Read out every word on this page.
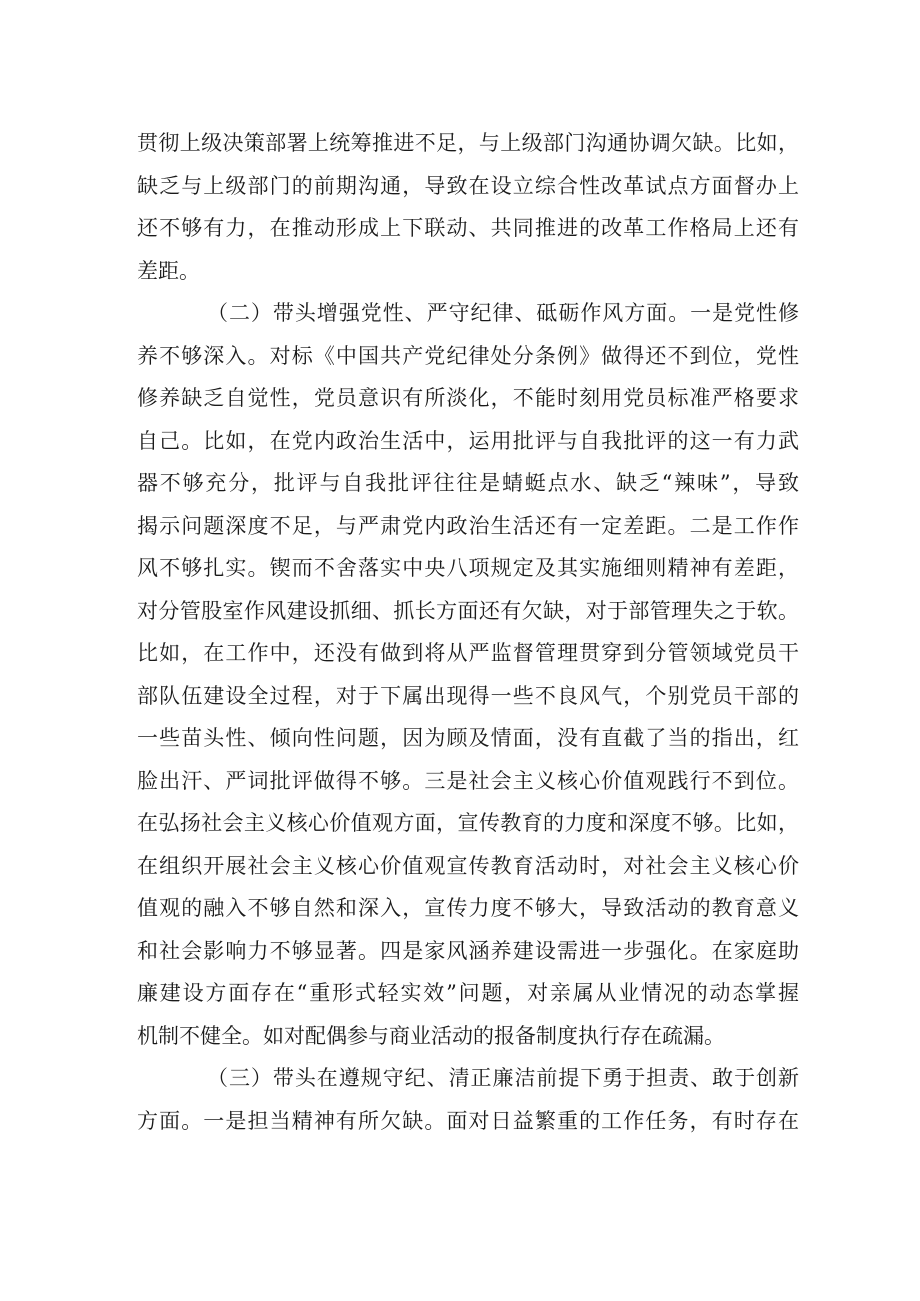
贯彻上级决策部署上统筹推进不足，与上级部门沟通协调欠缺。比如，
缺乏与上级部门的前期沟通，导致在设立综合性改革试点方面督办上
还不够有力，在推动形成上下联动、共同推进的改革工作格局上还有
差距。
（二）带头增强党性、严守纪律、砥砺作风方面。一是党性修
养不够深入。对标《中国共产党纪律处分条例》做得还不到位，党性
修养缺乏自觉性，党员意识有所淡化，不能时刻用党员标准严格要求
自己。比如，在党内政治生活中，运用批评与自我批评的这一有力武
器不够充分，批评与自我批评往往是蜻蜓点水、缺乏“辣味”，导致
揭示问题深度不足，与严肃党内政治生活还有一定差距。二是工作作
风不够扎实。锲而不舍落实中央八项规定及其实施细则精神有差距，
对分管股室作风建设抓细、抓长方面还有欠缺，对于部管理失之于软。
比如，在工作中，还没有做到将从严监督管理贯穿到分管领域党员干
部队伍建设全过程，对于下属出现得一些不良风气，个别党员干部的
一些苗头性、倾向性问题，因为顾及情面，没有直截了当的指出，红
脸出汗、严词批评做得不够。三是社会主义核心价值观践行不到位。
在弘扬社会主义核心价值观方面，宣传教育的力度和深度不够。比如，
在组织开展社会主义核心价值观宣传教育活动时，对社会主义核心价
值观的融入不够自然和深入，宣传力度不够大，导致活动的教育意义
和社会影响力不够显著。四是家风涵养建设需进一步强化。在家庭助
廉建设方面存在“重形式轻实效”问题，对亲属从业情况的动态掌握
机制不健全。如对配偶参与商业活动的报备制度执行存在疏漏。
（三）带头在遵规守纪、清正廉洁前提下勇于担责、敢于创新
方面。一是担当精神有所欠缺。面对日益繁重的工作任务，有时存在
